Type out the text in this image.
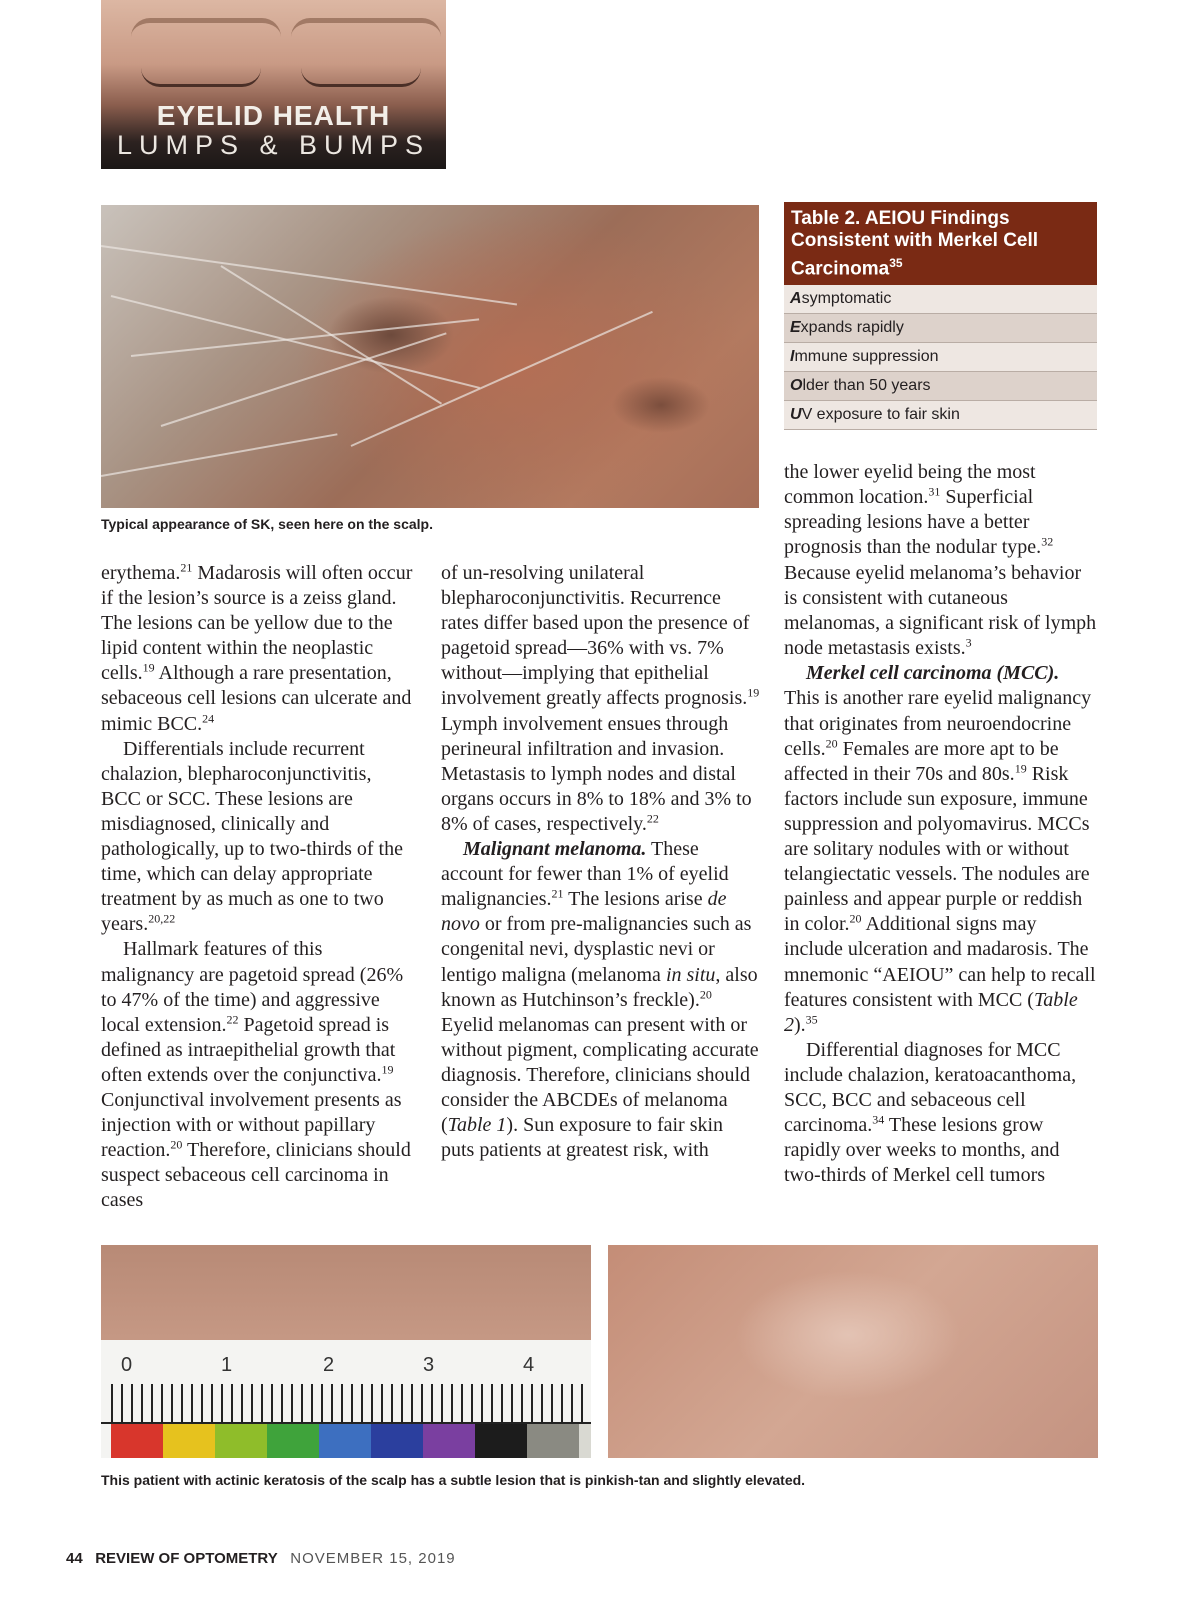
EYELID HEALTH
LUMPS & BUMPS
Typical appearance of SK, seen here on the scalp.
Table 2. AEIOU Findings Consistent with Merkel Cell Carcinoma$^{35}$
Asymptomatic
Expands rapidly
Immune suppression
Older than 50 years
UV exposure to fair skin

erythema.$^{21}$ Madarosis will often occur if the lesion’s source is a zeiss gland. The lesions can be yellow due to the lipid content within the neoplastic cells.$^{19}$ Although a rare presentation, sebaceous cell lesions can ulcerate and mimic BCC.$^{24}$

Differentials include recurrent chalazion, blepharoconjunctivitis, BCC or SCC. These lesions are misdiagnosed, clinically and pathologically, up to two-thirds of the time, which can delay appropriate treatment by as much as one to two years.$^{20,22}$

Hallmark features of this malignancy are pagetoid spread (26% to 47% of the time) and aggressive local extension.$^{22}$ Pagetoid spread is defined as intraepithelial growth that often extends over the conjunctiva.$^{19}$ Conjunctival involvement presents as injection with or without papillary reaction.$^{20}$ Therefore, clinicians should suspect sebaceous cell carcinoma in cases

of un-resolving unilateral blepharoconjunctivitis. Recurrence rates differ based upon the presence of pagetoid spread—36% with vs. 7% without—implying that epithelial involvement greatly affects prognosis.$^{19}$ Lymph involvement ensues through perineural infiltration and invasion. Metastasis to lymph nodes and distal organs occurs in 8% to 18% and 3% to 8% of cases, respectively.$^{22}$

Malignant melanoma. These account for fewer than 1% of eyelid malignancies.$^{21}$ The lesions arise de novo or from pre-malignancies such as congenital nevi, dysplastic nevi or lentigo maligna (melanoma in situ, also known as Hutchinson’s freckle).$^{20}$ Eyelid melanomas can present with or without pigment, complicating accurate diagnosis. Therefore, clinicians should consider the ABCDEs of melanoma (Table 1). Sun exposure to fair skin puts patients at greatest risk, with

the lower eyelid being the most common location.$^{31}$ Superficial spreading lesions have a better prognosis than the nodular type.$^{32}$

Because eyelid melanoma’s behavior is consistent with cutaneous melanomas, a significant risk of lymph node metastasis exists.$^3$

Merkel cell carcinoma (MCC). This is another rare eyelid malignancy that originates from neuroendocrine cells.$^{20}$ Females are more apt to be affected in their 70s and 80s.$^{19}$ Risk factors include sun exposure, immune suppression and polyomavirus. MCCs are solitary nodules with or without telangiectatic vessels. The nodules are painless and appear purple or reddish in color.$^{20}$ Additional signs may include ulceration and madarosis. The mnemonic “AEIOU” can help to recall features consistent with MCC (Table 2).$^{35}$

Differential diagnoses for MCC include chalazion, keratoacanthoma, SCC, BCC and sebaceous cell carcinoma.$^{34}$ These lesions grow rapidly over weeks to months, and two-thirds of Merkel cell tumors

0	1	2	3	4
This patient with actinic keratosis of the scalp has a subtle lesion that is pinkish-tan and slightly elevated.
44 REVIEW OF OPTOMETRY NOVEMBER 15, 2019
